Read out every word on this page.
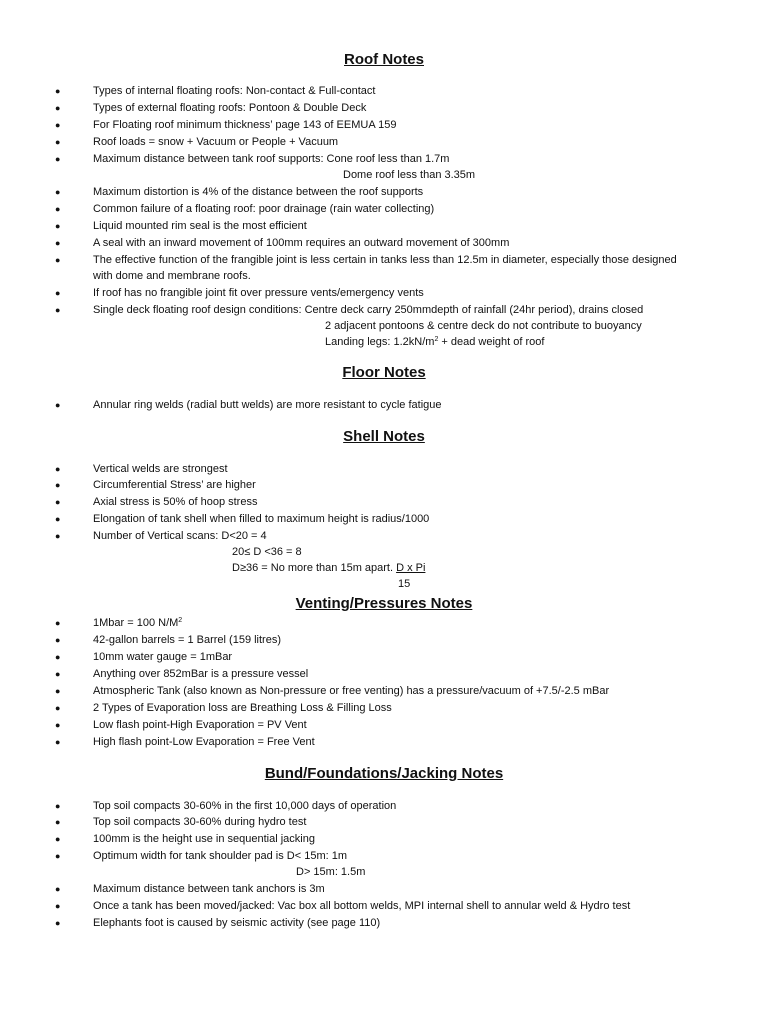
Roof Notes
●	Types of internal floating roofs: Non-contact & Full-contact
●	Types of external floating roofs: Pontoon & Double Deck
●	For Floating roof minimum thickness’ page 143 of EEMUA 159
●	Roof loads = snow + Vacuum or People + Vacuum
●	Maximum distance between tank roof supports: Cone roof less than 1.7m
Dome roof less than 3.35m
●	Maximum distortion is 4% of the distance between the roof supports
●	Common failure of a floating roof: poor drainage (rain water collecting)
●	Liquid mounted rim seal is the most efficient
●	A seal with an inward movement of 100mm requires an outward movement of 300mm
●	The effective function of the frangible joint is less certain in tanks less than 12.5m in diameter, especially those designed
with dome and membrane roofs.
●	If roof has no frangible joint fit over pressure vents/emergency vents
●	Single deck floating roof design conditions: Centre deck carry 250mmdepth of rainfall (24hr period), drains closed
2 adjacent pontoons & centre deck do not contribute to buoyancy
Landing legs: $1.2kN/m^2$ + dead weight of roof
Floor Notes
●	Annular ring welds (radial butt welds) are more resistant to cycle fatigue
Shell Notes
●	Vertical welds are strongest
●	Circumferential Stress’ are higher
●	Axial stress is 50% of hoop stress
●	Elongation of tank shell when filled to maximum height is radius/1000
●	Number of Vertical scans: D<20 = 4
20≤ D <36 = 8
D≥36 = No more than 15m apart. D x Pi
15
Venting/Pressures Notes
●	1Mbar = 100 $N/M^2$
●	42-gallon barrels = 1 Barrel (159 litres)
●	10mm water gauge = 1mBar
●	Anything over 852mBar is a pressure vessel
●	Atmospheric Tank (also known as Non-pressure or free venting) has a pressure/vacuum of +7.5/-2.5 mBar
●	2 Types of Evaporation loss are Breathing Loss & Filling Loss
●	Low flash point-High Evaporation = PV Vent
●	High flash point-Low Evaporation = Free Vent
Bund/Foundations/Jacking Notes
●	Top soil compacts 30-60% in the first 10,000 days of operation
●	Top soil compacts 30-60% during hydro test
●	100mm is the height use in sequential jacking
●	Optimum width for tank shoulder pad is D< 15m: 1m
D> 15m: 1.5m
●	Maximum distance between tank anchors is 3m
●	Once a tank has been moved/jacked: Vac box all bottom welds, MPI internal shell to annular weld & Hydro test
●	Elephants foot is caused by seismic activity (see page 110)
